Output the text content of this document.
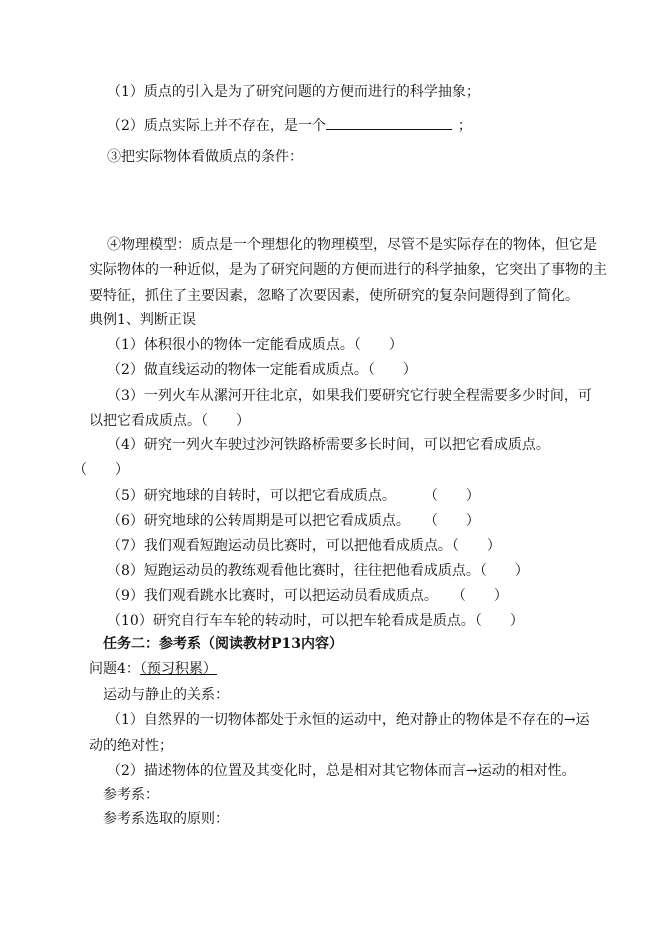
（1）质点的引入是为了研究问题的方便而进行的科学抽象；
（2）质点实际上并不存在，是一个	；
③把实际物体看做质点的条件：
④物理模型：质点是一个理想化的物理模型，尽管不是实际存在的物体，但它是
实际物体的一种近似，是为了研究问题的方便而进行的科学抽象，它突出了事物的主
要特征，抓住了主要因素，忽略了次要因素，使所研究的复杂问题得到了简化。
典例1、判断正误
（1）体积很小的物体一定能看成质点。（　　）
（2）做直线运动的物体一定能看成质点。（　　）
（3）一列火车从漯河开往北京，如果我们要研究它行驶全程需要多少时间，可
以把它看成质点。（　　）
（4）研究一列火车驶过沙河铁路桥需要多长时间，可以把它看成质点。
（　　）
（5）研究地球的自转时，可以把它看成质点。　　　（　　）
（6）研究地球的公转周期是可以把它看成质点。　　（　　）
（7）我们观看短跑运动员比赛时，可以把他看成质点。（　　）
（8）短跑运动员的教练观看他比赛时，往往把他看成质点。（　　）
（9）我们观看跳水比赛时，可以把运动员看成质点。　　（　　）
（10）研究自行车车轮的转动时，可以把车轮看成是质点。（　　）
任务二：参考系（阅读教材P13内容）
问题4：（预习积累）
运动与静止的关系：
（1）自然界的一切物体都处于永恒的运动中，绝对静止的物体是不存在的→运
动的绝对性；
（2）描述物体的位置及其变化时，总是相对其它物体而言→运动的相对性。
参考系：
参考系选取的原则：
